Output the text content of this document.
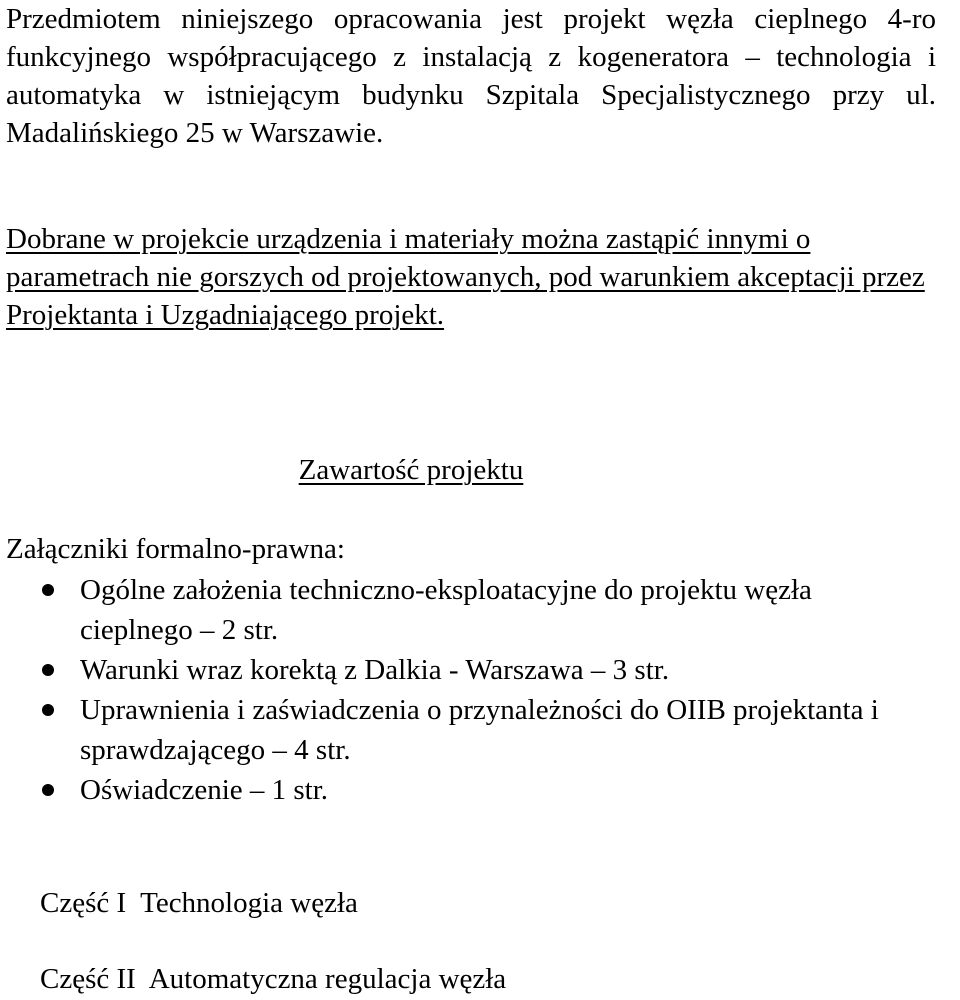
Przedmiotem niniejszego opracowania jest projekt węzła cieplnego 4-ro funkcyjnego współpracującego z instalacją z kogeneratora – technologia i automatyka w istniejącym budynku Szpitala Specjalistycznego przy ul. Madalińskiego 25 w Warszawie.

Dobrane w projekcie urządzenia i materiały można zastąpić innymi o parametrach nie gorszych od projektowanych, pod warunkiem akceptacji przez Projektanta i Uzgadniającego projekt.

Zawartość projektu
Załączniki formalno-prawna:
Ogólne założenia techniczno-eksploatacyjne do projektu węzła cieplnego – 2 str.
Warunki wraz korektą z Dalkia - Warszawa – 3 str.
Uprawnienia i zaświadczenia o przynależności do OIIB projektanta i sprawdzającego – 4 str.
Oświadczenie – 1 str.
Część I  Technologia węzła
Część II  Automatyczna regulacja węzła
